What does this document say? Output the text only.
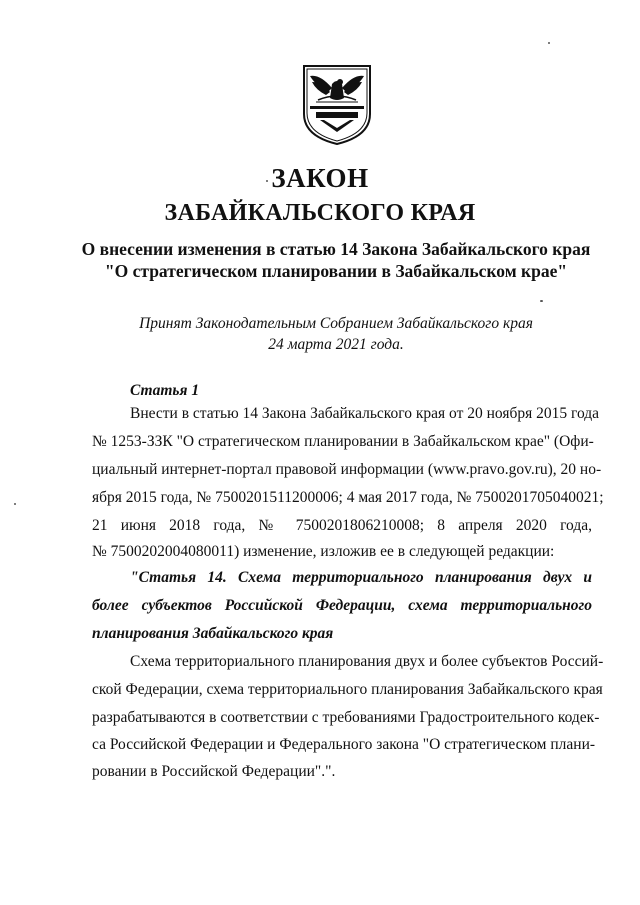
ЗАКОН
ЗАБАЙКАЛЬСКОГО КРАЯ
О внесении изменения в статью 14 Закона Забайкальского края
"О стратегическом планировании в Забайкальском крае"
Принят Законодательным Собранием Забайкальского края
24 марта 2021 года.
Статья 1
Внести в статью 14 Закона Забайкальского края от 20 ноября 2015 года
№ 1253-ЗЗК "О стратегическом планировании в Забайкальском крае" (Офи-
циальный интернет-портал правовой информации (www.pravo.gov.ru), 20 но-
ября 2015 года, № 7500201511200006; 4 мая 2017 года, № 7500201705040021;
21 июня 2018 года, № 7500201806210008; 8 апреля 2020 года,
№ 7500202004080011) изменение, изложив ее в следующей редакции:
"Статья 14. Схема территориального планирования двух и
более субъектов Российской Федерации, схема территориального
планирования Забайкальского края
Схема территориального планирования двух и более субъектов Россий-
ской Федерации, схема территориального планирования Забайкальского края
разрабатываются в соответствии с требованиями Градостроительного кодек-
са Российской Федерации и Федерального закона "О стратегическом плани-
ровании в Российской Федерации".".
